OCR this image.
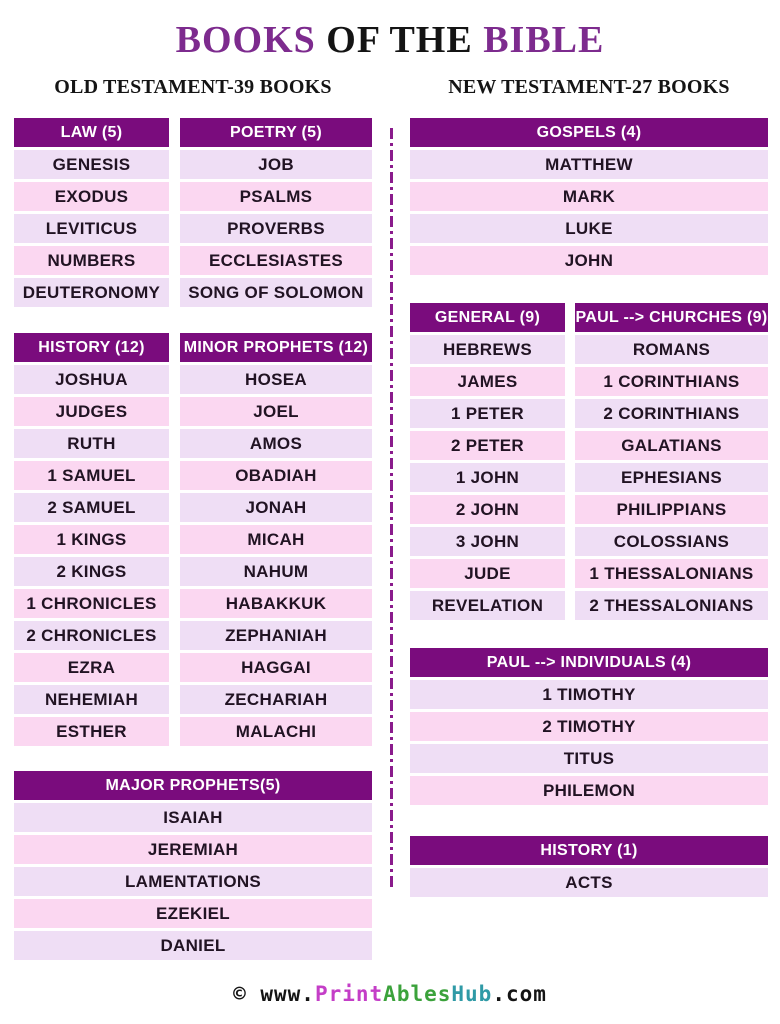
BOOKS OF THE BIBLE
OLD TESTAMENT-39 BOOKS	NEW TESTAMENT-27 BOOKS
LAW (5)
GENESIS
EXODUS
LEVITICUS
NUMBERS
DEUTERONOMY
POETRY (5)
JOB
PSALMS
PROVERBS
ECCLESIASTES
SONG OF SOLOMON
HISTORY (12)
JOSHUA
JUDGES
RUTH
1 SAMUEL
2 SAMUEL
1 KINGS
2 KINGS
1 CHRONICLES
2 CHRONICLES
EZRA
NEHEMIAH
ESTHER
MINOR PROPHETS (12)
HOSEA
JOEL
AMOS
OBADIAH
JONAH
MICAH
NAHUM
HABAKKUK
ZEPHANIAH
HAGGAI
ZECHARIAH
MALACHI
MAJOR PROPHETS(5)
ISAIAH
JEREMIAH
LAMENTATIONS
EZEKIEL
DANIEL
GOSPELS (4)
MATTHEW
MARK
LUKE
JOHN
GENERAL (9)
HEBREWS
JAMES
1 PETER
2 PETER
1 JOHN
2 JOHN
3 JOHN
JUDE
REVELATION
PAUL --> CHURCHES (9)
ROMANS
1 CORINTHIANS
2 CORINTHIANS
GALATIANS
EPHESIANS
PHILIPPIANS
COLOSSIANS
1 THESSALONIANS
2 THESSALONIANS
PAUL --> INDIVIDUALS (4)
1 TIMOTHY
2 TIMOTHY
TITUS
PHILEMON
HISTORY (1)
ACTS
© www.PrintAblesHub.com
